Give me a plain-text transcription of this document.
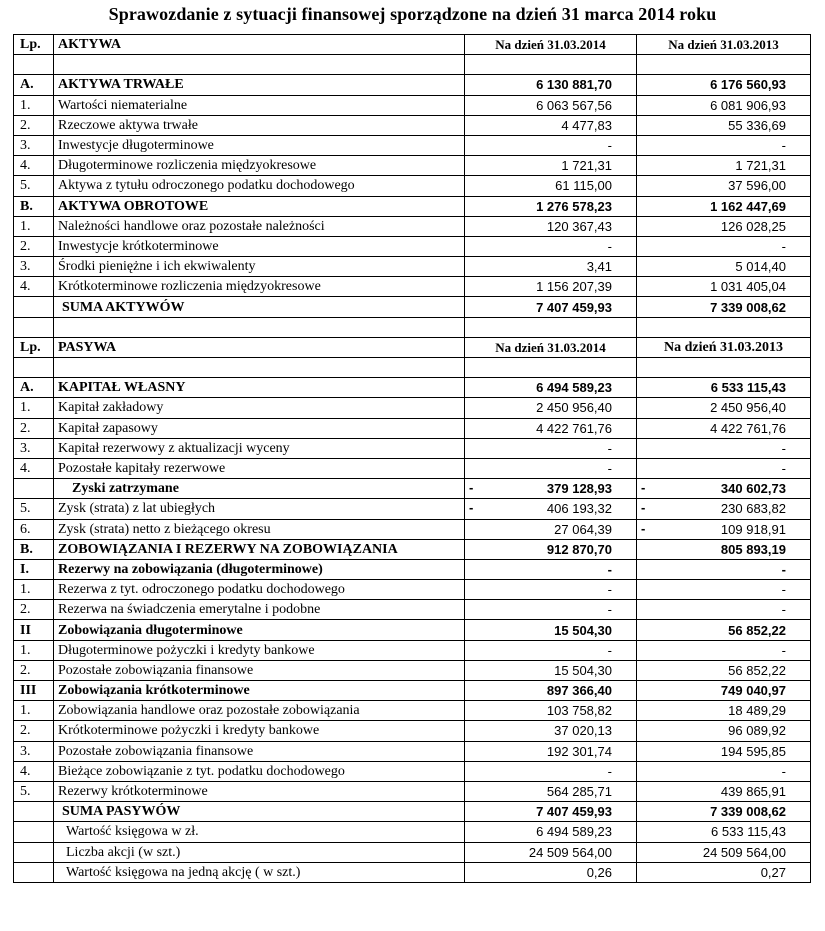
Sprawozdanie z sytuacji finansowej sporządzone na dzień 31 marca 2014 roku
Lp.	AKTYWA	Na dzień 31.03.2014	Na dzień 31.03.2013

A.	AKTYWA TRWAŁE	6 130 881,70	6 176 560,93
1.	Wartości niematerialne	6 063 567,56	6 081 906,93
2.	Rzeczowe aktywa trwałe	4 477,83	55 336,69
3.	Inwestycje długoterminowe	-	-
4.	Długoterminowe rozliczenia międzyokresowe	1 721,31	1 721,31
5.	Aktywa z tytułu odroczonego podatku dochodowego	61 115,00	37 596,00
B.	AKTYWA OBROTOWE	1 276 578,23	1 162 447,69
1.	Należności handlowe oraz pozostałe należności	120 367,43	126 028,25
2.	Inwestycje krótkoterminowe	-	-
3.	Środki pieniężne i ich ekwiwalenty	3,41	5 014,40
4.	Krótkoterminowe rozliczenia międzyokresowe	1 156 207,39	1 031 405,04
	SUMA AKTYWÓW	7 407 459,93	7 339 008,62

Lp.	PASYWA	Na dzień 31.03.2014	Na dzień 31.03.2013

A.	KAPITAŁ WŁASNY	6 494 589,23	6 533 115,43
1.	Kapitał zakładowy	2 450 956,40	2 450 956,40
2.	Kapitał zapasowy	4 422 761,76	4 422 761,76
3.	Kapitał rezerwowy z aktualizacji wyceny	-	-
4.	Pozostałe kapitały rezerwowe	-	-
	Zyski zatrzymane	- 379 128,93	- 340 602,73
5.	Zysk (strata) z lat ubiegłych	- 406 193,32	- 230 683,82
6.	Zysk (strata) netto z bieżącego okresu	27 064,39	- 109 918,91
B.	ZOBOWIĄZANIA I REZERWY NA ZOBOWIĄZANIA	912 870,70	805 893,19
I.	Rezerwy na zobowiązania (długoterminowe)	-	-
1.	Rezerwa z tyt. odroczonego podatku dochodowego	-	-
2.	Rezerwa na świadczenia emerytalne i podobne	-	-
II	Zobowiązania długoterminowe	15 504,30	56 852,22
1.	Długoterminowe pożyczki i kredyty bankowe	-	-
2.	Pozostałe zobowiązania finansowe	15 504,30	56 852,22
III	Zobowiązania krótkoterminowe	897 366,40	749 040,97
1.	Zobowiązania handlowe oraz pozostałe zobowiązania	103 758,82	18 489,29
2.	Krótkoterminowe pożyczki i kredyty bankowe	37 020,13	96 089,92
3.	Pozostałe zobowiązania finansowe	192 301,74	194 595,85
4.	Bieżące zobowiązanie z tyt. podatku dochodowego	-	-
5.	Rezerwy krótkoterminowe	564 285,71	439 865,91
	SUMA PASYWÓW	7 407 459,93	7 339 008,62
	Wartość księgowa w zł.	6 494 589,23	6 533 115,43
	Liczba akcji (w szt.)	24 509 564,00	24 509 564,00
	Wartość księgowa na jedną akcję ( w szt.)	0,26	0,27
